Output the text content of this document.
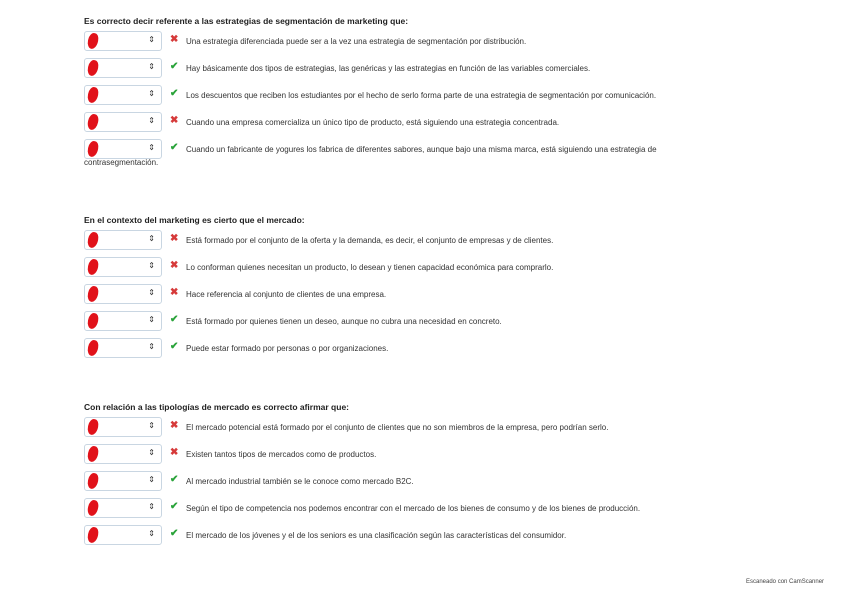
Es correcto decir referente a las estrategias de segmentación de marketing que:
⇕ ✖ Una estrategia diferenciada puede ser a la vez una estrategia de segmentación por distribución.
⇕ ✔ Hay básicamente dos tipos de estrategias, las genéricas y las estrategias en función de las variables comerciales.
⇕ ✔ Los descuentos que reciben los estudiantes por el hecho de serlo forma parte de una estrategia de segmentación por comunicación.
⇕ ✖ Cuando una empresa comercializa un único tipo de producto, está siguiendo una estrategia concentrada.
⇕ ✔ Cuando un fabricante de yogures los fabrica de diferentes sabores, aunque bajo una misma marca, está siguiendo una estrategia de contrasegmentación.
En el contexto del marketing es cierto que el mercado:
⇕ ✖ Está formado por el conjunto de la oferta y la demanda, es decir, el conjunto de empresas y de clientes.
⇕ ✖ Lo conforman quienes necesitan un producto, lo desean y tienen capacidad económica para comprarlo.
⇕ ✖ Hace referencia al conjunto de clientes de una empresa.
⇕ ✔ Está formado por quienes tienen un deseo, aunque no cubra una necesidad en concreto.
⇕ ✔ Puede estar formado por personas o por organizaciones.
Con relación a las tipologías de mercado es correcto afirmar que:
⇕ ✖ El mercado potencial está formado por el conjunto de clientes que no son miembros de la empresa, pero podrían serlo.
⇕ ✖ Existen tantos tipos de mercados como de productos.
⇕ ✔ Al mercado industrial también se le conoce como mercado B2C.
⇕ ✔ Según el tipo de competencia nos podemos encontrar con el mercado de los bienes de consumo y de los bienes de producción.
⇕ ✔ El mercado de los jóvenes y el de los seniors es una clasificación según las características del consumidor.
Escaneado con CamScanner
